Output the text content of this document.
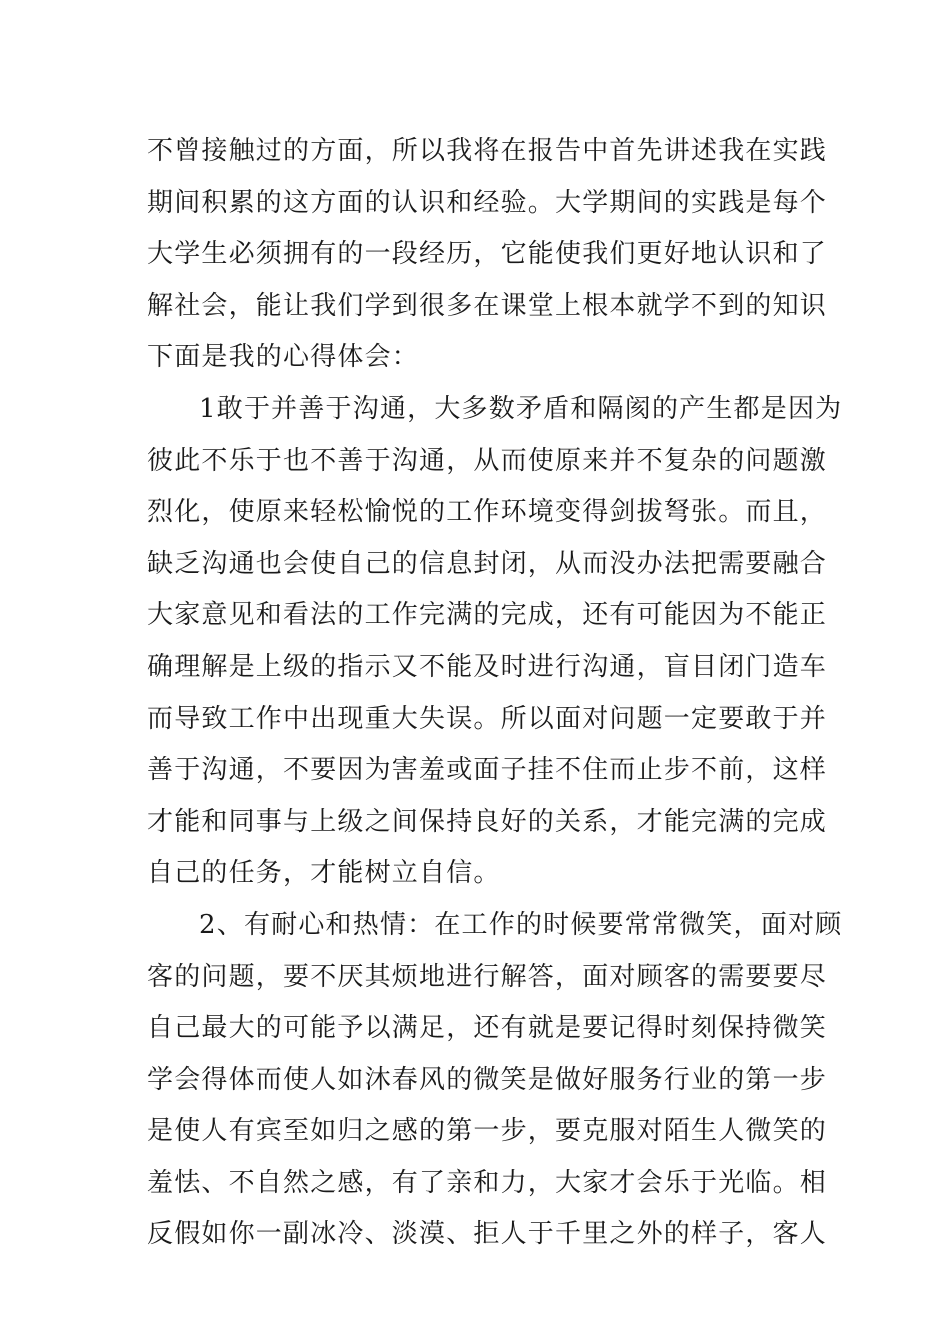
不曾接触过的方面，所以我将在报告中首先讲述我在实践
期间积累的这方面的认识和经验。大学期间的实践是每个
大学生必须拥有的一段经历，它能使我们更好地认识和了
解社会，能让我们学到很多在课堂上根本就学不到的知识
下面是我的心得体会：
1敢于并善于沟通，大多数矛盾和隔阂的产生都是因为
彼此不乐于也不善于沟通，从而使原来并不复杂的问题激
烈化，使原来轻松愉悦的工作环境变得剑拔弩张。而且，
缺乏沟通也会使自己的信息封闭，从而没办法把需要融合
大家意见和看法的工作完满的完成，还有可能因为不能正
确理解是上级的指示又不能及时进行沟通，盲目闭门造车
而导致工作中出现重大失误。所以面对问题一定要敢于并
善于沟通，不要因为害羞或面子挂不住而止步不前，这样
才能和同事与上级之间保持良好的关系，才能完满的完成
自己的任务，才能树立自信。
2、有耐心和热情：在工作的时候要常常微笑，面对顾
客的问题，要不厌其烦地进行解答，面对顾客的需要要尽
自己最大的可能予以满足，还有就是要记得时刻保持微笑
学会得体而使人如沐春风的微笑是做好服务行业的第一步
是使人有宾至如归之感的第一步，要克服对陌生人微笑的
羞怯、不自然之感，有了亲和力，大家才会乐于光临。相
反假如你一副冰冷、淡漠、拒人于千里之外的样子，客人
